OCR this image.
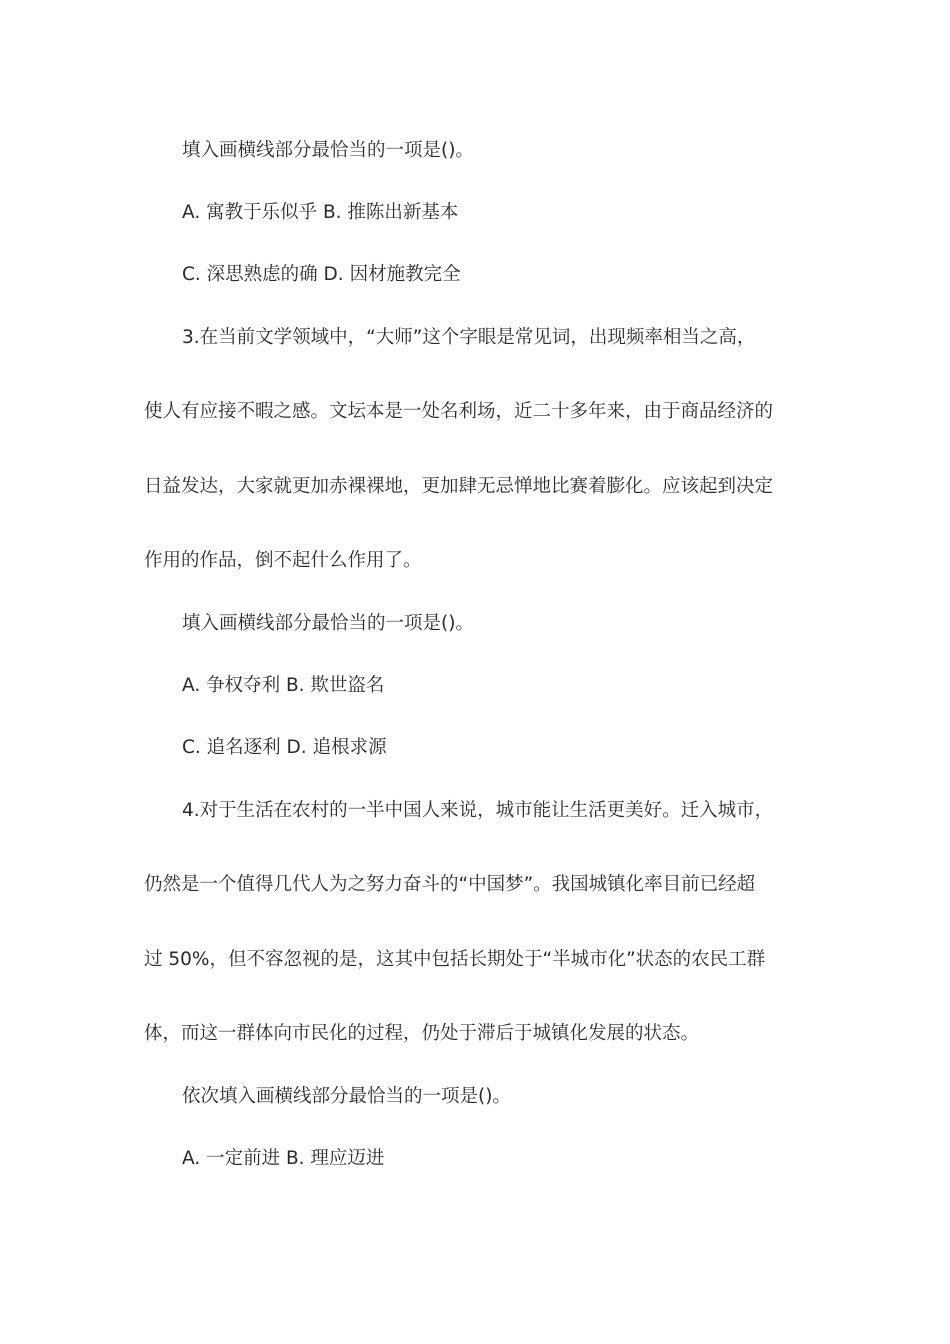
填入画横线部分最恰当的一项是()。
A. 寓教于乐似乎 B. 推陈出新基本
C. 深思熟虑的确 D. 因材施教完全
3.在当前文学领域中，“大师”这个字眼是常见词，出现频率相当之高，
使人有应接不暇之感。文坛本是一处名利场，近二十多年来，由于商品经济的
日益发达，大家就更加赤裸裸地，更加肆无忌惮地比赛着膨化。应该起到决定
作用的作品，倒不起什么作用了。
填入画横线部分最恰当的一项是()。
A. 争权夺利 B. 欺世盗名
C. 追名逐利 D. 追根求源
4.对于生活在农村的一半中国人来说，城市能让生活更美好。迁入城市，
仍然是一个值得几代人为之努力奋斗的“中国梦”。我国城镇化率目前已经超
过 50%，但不容忽视的是，这其中包括长期处于“半城市化”状态的农民工群
体，而这一群体向市民化的过程，仍处于滞后于城镇化发展的状态。
依次填入画横线部分最恰当的一项是()。
A. 一定前进 B. 理应迈进
